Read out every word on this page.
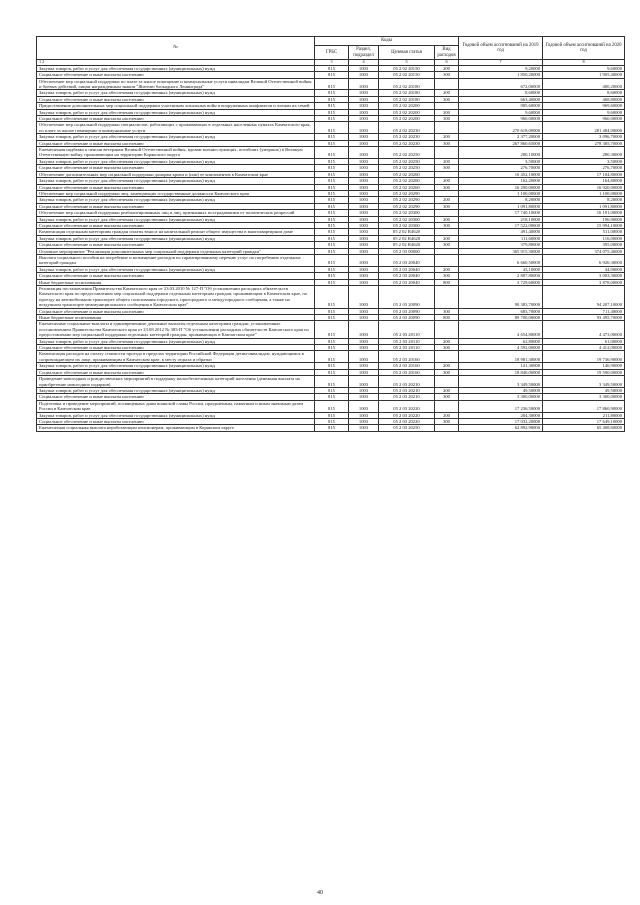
№	Коды				Годовой объем ассигнований на 2019 год	Годовой объем ассигнований на 2020 год
	ГРБС	Раздел, подраздел	Целевая статья	Вид расходов		
1 2	3	4	5	6	7	8
Закупка товаров, работ и услуг для обеспечения государственных (муниципальных) нужд	815	1003	05 2 02 20150	200	9,20000	9,60000
Социальное обеспечение и иные выплаты населению	815	1003	05 2 02 20150	300	1 850,20000	1 905,40000
Обеспечение мер социальной поддержки по плате за жилое помещение и коммунальные услуги инвалидам Великой Отечественной войны и боевых действий, лицам награжденным знаком "Жителю блокадного Ленинграда"	815	1003	05 2 02 20180		672,00000	400,20000
Закупка товаров, работ и услуг для обеспечения государственных (муниципальных) нужд	815	1003	05 2 02 20180	200	8,60000	8,60000
Социальное обеспечение и иные выплаты населению	815	1003	05 2 02 20180	300	663,40000	468,80000
Предоставление дополнительных мер социальной поддержки участникам локальных войн и вооруженных конфликтов и членам их семей	815	1003	05 2 02 20200		985,60000	969,60000
Закупка товаров, работ и услуг для обеспечения государственных (муниципальных) нужд	815	1003	05 2 02 20200	200	9,60000	9,60000
Социальное обеспечение и иные выплаты населению	815	1003	05 2 02 20200	300	960,00000	960,00000
Обеспечение мер социальной поддержки специалистов, работающих с проживающих в отдельных населенных пунктах Камчатского края, по плате за жилое помещение и коммунальные услуги	815	1003	05 2 02 20230		270 618,00000	281 484,00000
Закупка товаров, работ и услуг для обеспечения государственных (муниципальных) нужд	815	1003	05 2 02 20230	200	2 377,20000	3 096,70000
Социальное обеспечение и иные выплаты населению	815	1003	05 2 02 20230	300	267 860,65000	278 385,70000
Ежемесячная надбавка к пенсии ветеранам Великой Отечественной войны, вдовам военнослужащих, погибших (умерших) в Великую Отечественную войну, проживающим на территории Корякского округа	815	1003	05 2 02 20250		280,10000	280,30000
Закупка товаров, работ и услуг для обеспечения государственных (муниципальных) нужд	815	1003	05 2 02 20250	200	3,50000	3,50000
Социальное обеспечение и иные выплаты населению	815	1003	05 2 02 20250	300	276,70000	276,70000
Обеспечение дополнительных мер социальной поддержки донорам крови и (или) ее компонентов в Камчатском крае	815	1003	05 2 02 20260		16 452,10000	17 104,80000
Закупка товаров, работ и услуг для обеспечения государственных (муниципальных) нужд	815	1003	05 2 02 20260	200	162,20000	164,80000
Социальное обеспечение и иные выплаты населению	815	1003	05 2 02 20260	300	16 290,00000	16 920,00000
Обеспечение мер социальной поддержки лиц, замещающих государственные должности Камчатского края	815	1003	05 2 02 20290		1 100,00000	1 100,00000
Закупка товаров, работ и услуг для обеспечения государственных (муниципальных) нужд	815	1003	05 2 02 20290	200	8,20000	8,20000
Социальное обеспечение и иные выплаты населению	815	1003	05 2 02 20290	300	1 091,80000	1 091,80000
Обеспечение мер социальной поддержки реабилитированных лиц и лиц, признанных пострадавшими от политических репрессий	815	1003	05 2 02 20300		17 740,10000	16 191,00000
Закупка товаров, работ и услуг для обеспечения государственных (муниципальных) нужд	815	1003	05 2 02 20300	200	218,10000	196,90000
Социальное обеспечение и иные выплаты населению	815	1003	05 2 02 20300	300	17 522,00000	15 994,10000
Компенсация отдельным категориям граждан оплаты взноса на капитальный ремонт общего имущества в многоквартирном доме	815	1003	05 2 02 R4620		491,40000	511,00000
Закупка товаров, работ и услуг для обеспечения государственных (муниципальных) нужд	815	1003	05 2 02 R4620	200	111,60000	116,00000
Социальное обеспечение и иные выплаты населению	815	1003	05 2 02 R4620	300	379,80000	395,00000
Основное мероприятие "Реализация дополнительных мер социальной поддержки отдельных категорий граждан"	815	1003	05 2 03 00000		365 915,30000	374 075,40000
Выплата социального пособия на погребение и возмещение расходов по гарантированному перечню услуг по погребению отдельных категорий граждан	815	1003	05 2 03 20040		6 660,50000	6 926,30000
Закупка товаров, работ и услуг для обеспечения государственных (муниципальных) нужд	815	1003	05 2 03 20040	200	43,10000	44,90000
Социальное обеспечение и иные выплаты населению	815	1003	05 2 03 20040	300	2 887,80000	3 003,30000
Иные бюджетные ассигнования	815	1003	05 2 03 20040	800	3 729,60000	3 878,00000
Реализация постановления Правительства Камчатского края от 23.03.2010 № 127-П "Об установлении расходных обязательств Камчатского края по предоставлению мер социальной поддержки отдельным категориям граждан, проживающим в Камчатском крае, по проезду на автомобильном транспорте общего пользования городского, пригородного и междугородного сообщения, а также на воздушном транспорте межмуниципального сообщения в Камчатском крае"	815	1003	05 2 03 20090		90 383,70000	94 207,10000
Социальное обеспечение и иные выплаты населению	815	1003	05 2 03 20090	300	683,70000	711,40000
Иные бюджетные ассигнования	815	1003	05 2 03 20090	800	89 700,00000	93 495,70000
Ежемесячные социальные выплаты и единовременные денежные выплаты отдельным категориям граждан, установленные постановлением Правительства Камчатского края от 23.08.2012 № 385-П "Об установлении расходных обязательств Камчатского края по предоставлению мер социальной поддержки отдельных категорий граждан, проживающих в Камчатском крае"	815	1003	05 2 03 20110		4 654,80000	4 473,00000
Закупка товаров, работ и услуг для обеспечения государственных (муниципальных) нужд	815	1003	05 2 03 20110	200	62,80000	61,00000
Социальное обеспечение и иные выплаты населению	815	1003	05 2 03 20110	300	4 592,00000	4 412,00000
Компенсация расходов на оплату стоимости проезда в пределах территории Российской Федерации детям-инвалидам, нуждающимся в сопровождающем их лице, проживающим в Камчатском крае, к месту отдыха и обратно	815	1003	05 2 03 20160		18 981,30000	19 736,90000
Закупка товаров, работ и услуг для обеспечения государственных (муниципальных) нужд	815	1003	05 2 03 20160	200	141,30000	146,90000
Социальное обеспечение и иные выплаты населению	815	1003	05 2 03 20160	300	18 840,00000	19 590,00000
Проведение новогодних и рождественских мероприятий в поддержку малообеспеченных категорий населения (денежная выплата на приобретение новогодних подарков)	815	1003	05 2 03 20210		3 349,50000	3 349,50000
Закупка товаров, работ и услуг для обеспечения государственных (муниципальных) нужд	815	1003	05 2 03 20210	200	49,50000	49,50000
Социальное обеспечение и иные выплаты населению	815	1003	05 2 03 20210	300	3 300,00000	3 300,00000
Подготовка и проведение мероприятий, посвященных дням воинской славы России, праздничным, памятным и иным значимым датам России в Камчатском крае	815	1003	05 2 03 20220		17 236,50000	17 860,90000
Закупка товаров, работ и услуг для обеспечения государственных (муниципальных) нужд	815	1003	05 2 03 20220	200	204,30000	211,80000
Социальное обеспечение и иные выплаты населению	815	1003	05 2 03 20220	300	17 032,20000	17 649,10000
Ежемесячная социальная выплата неработающим пенсионерам, проживающим в Корякском округе	815	1003	05 2 03 20250		62 892,90000	65 408,60000
40
